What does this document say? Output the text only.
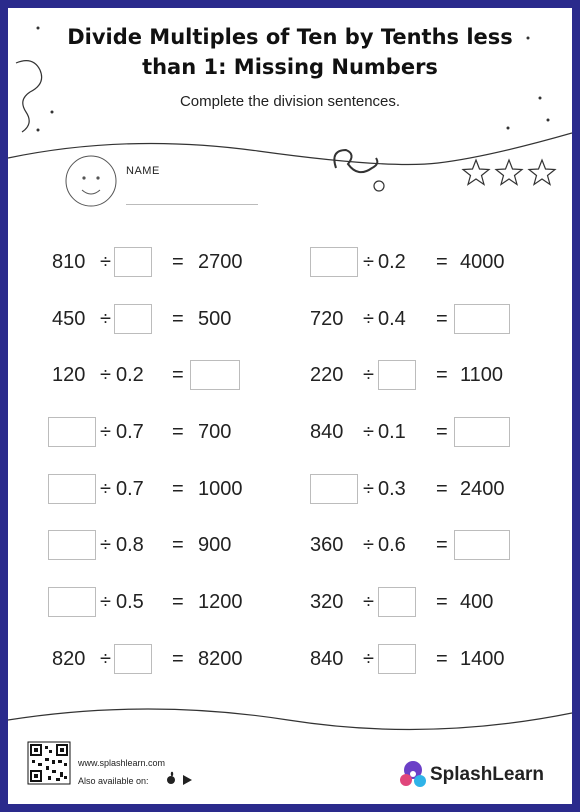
Divide Multiples of Ten by Tenths less
than 1: Missing Numbers
Complete the division sentences.
NAME
810 ÷	= 2700
450 ÷	= 500
120 ÷ 0.2 =
÷ 0.7 = 700
÷ 0.7 = 1000
÷ 0.8 = 900
÷ 0.5 = 1200
820 ÷	= 8200
÷ 0.2 = 4000
720 ÷ 0.4 =
220 ÷	= 1100
840 ÷ 0.1 =
÷ 0.3 = 2400
360 ÷ 0.6 =
320 ÷	= 400
840 ÷	= 1400
www.splashlearn.com
Also available on:	SplashLearn
